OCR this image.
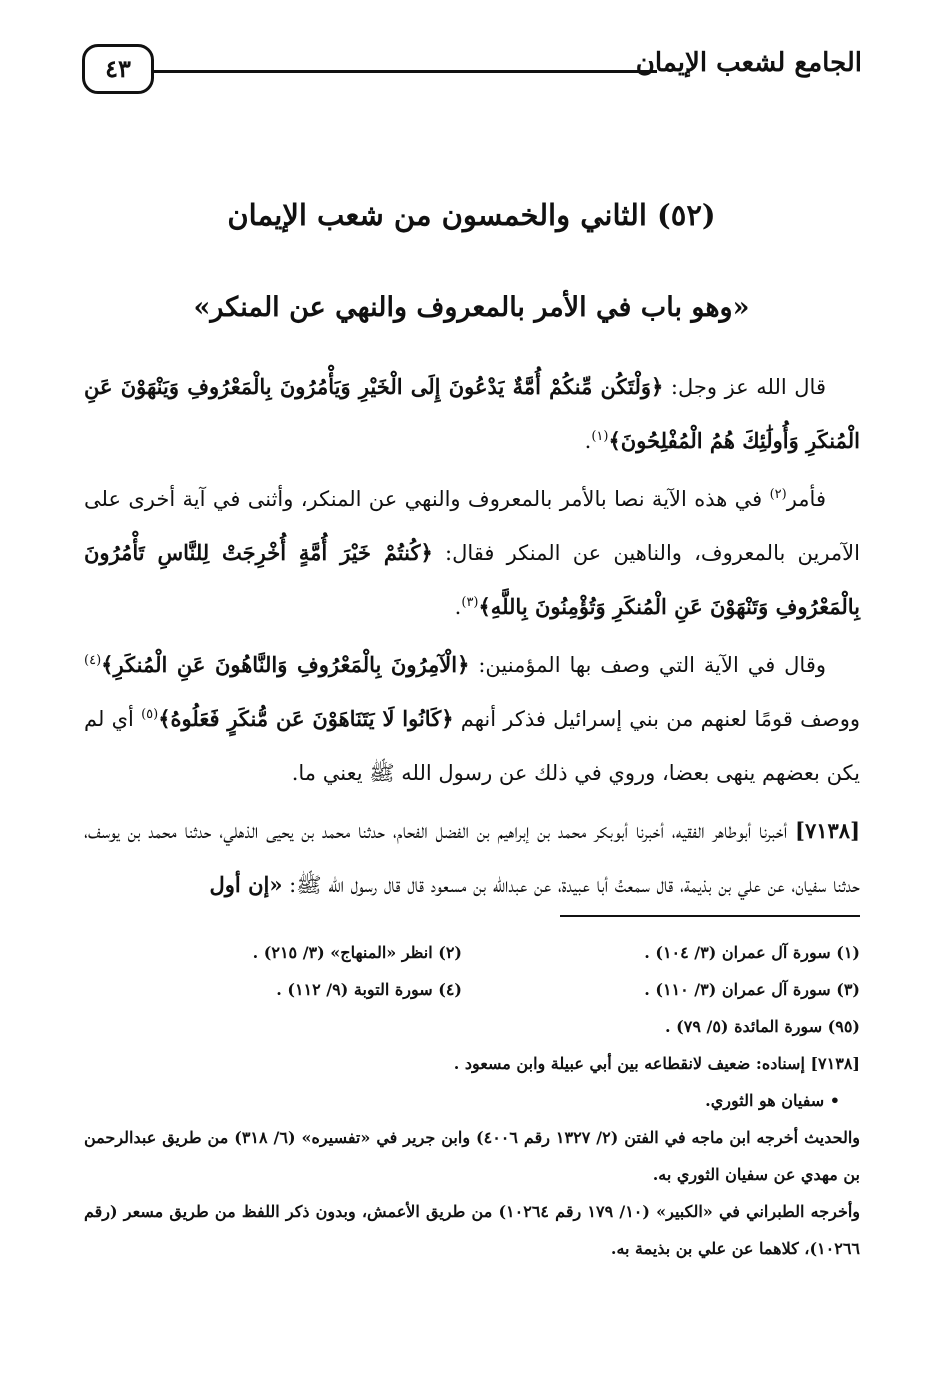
الجامع لشعب الإيمان
٤٣
(٥٢) الثاني والخمسون من شعب الإيمان
«وهو باب في الأمر بالمعروف والنهي عن المنكر»

قال الله عز وجل: ﴿وَلْتَكُن مِّنكُمْ أُمَّةٌ يَدْعُونَ إِلَى الْخَيْرِ وَيَأْمُرُونَ بِالْمَعْرُوفِ وَيَنْهَوْنَ عَنِ الْمُنكَرِ وَأُولَٰئِكَ هُمُ الْمُفْلِحُونَ﴾$^{(١)}$.

فأمر$^{(٢)}$ في هذه الآية نصا بالأمر بالمعروف والنهي عن المنكر، وأثنى في آية أخرى على الآمرين بالمعروف، والناهين عن المنكر فقال: ﴿كُنتُمْ خَيْرَ أُمَّةٍ أُخْرِجَتْ لِلنَّاسِ تَأْمُرُونَ بِالْمَعْرُوفِ وَتَنْهَوْنَ عَنِ الْمُنكَرِ وَتُؤْمِنُونَ بِاللَّهِ﴾$^{(٣)}$.

وقال في الآية التي وصف بها المؤمنين: ﴿الْآمِرُونَ بِالْمَعْرُوفِ وَالنَّاهُونَ عَنِ الْمُنكَرِ﴾$^{(٤)}$ ووصف قومًا لعنهم من بني إسرائيل فذكر أنهم ﴿كَانُوا لَا يَتَنَاهَوْنَ عَن مُّنكَرٍ فَعَلُوهُ﴾$^{(٥)}$ أي لم يكن بعضهم ينهى بعضا، وروي في ذلك عن رسول الله ﷺ يعني ما.

[٧١٣٨] أخبرنا أبوطاهر الفقيه، أخبرنا أبوبكر محمد بن إبراهيم بن الفضل الفحام، حدثنا محمد بن يحيى الذهلي، حدثنا محمد بن يوسف، حدثنا سفيان، عن علي بن بذيمة، قال سمعتُ أبا عبيدة، عن عبدالله بن مسعود قال قال رسول الله ﷺ: «إن أول

(١) سورة آل عمران (٣/ ١٠٤) .
(٢) انظر «المنهاج» (٣/ ٢١٥) .
(٣) سورة آل عمران (٣/ ١١٠) .
(٤) سورة التوبة (٩/ ١١٢) .
(٩٥) سورة المائدة (٥/ ٧٩) .
[٧١٣٨] إسناده: ضعيف لانقطاعه بين أبي عبيلة وابن مسعود .
• سفيان هو الثوري.
والحديث أخرجه ابن ماجه في الفتن (٢/ ١٣٢٧ رقم ٤٠٠٦) وابن جرير في «تفسيره» (٦/ ٣١٨) من طريق عبدالرحمن بن مهدي عن سفيان الثوري به.
وأخرجه الطبراني في «الكبير» (١٠/ ١٧٩ رقم ١٠٢٦٤) من طريق الأعمش، وبدون ذكر اللفظ من طريق مسعر (رقم ١٠٢٦٦)، كلاهما عن علي بن بذيمة به.
